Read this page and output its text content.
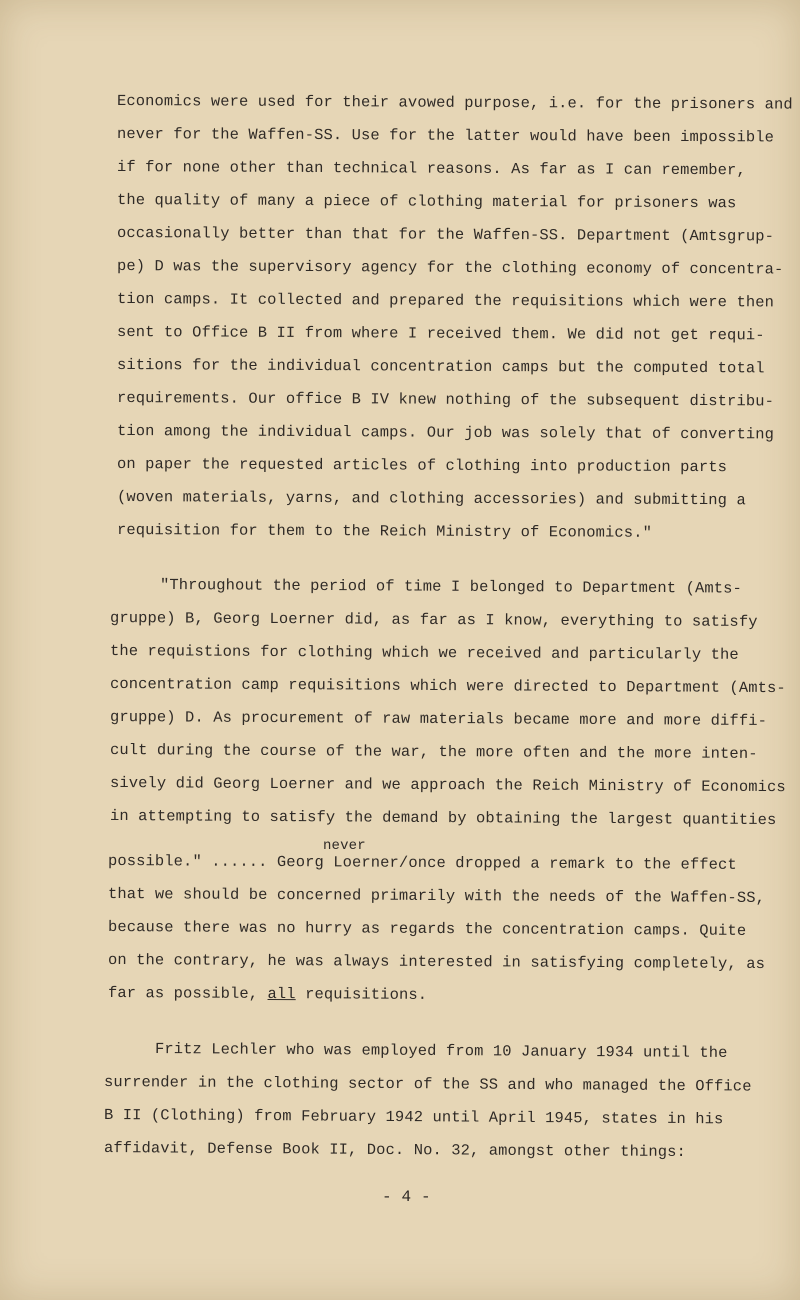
Economics were used for their avowed purpose, i.e. for the prisoners and
never for the Waffen-SS. Use for the latter would have been impossible
if for none other than technical reasons. As far as I can remember,
the quality of many a piece of clothing material for prisoners was
occasionally better than that for the Waffen-SS. Department (Amtsgrup-
pe) D was the supervisory agency for the clothing economy of concentra-
tion camps. It collected and prepared the requisitions which were then
sent to Office B II from where I received them. We did not get requi-
sitions for the individual concentration camps but the computed total
requirements. Our office B IV knew nothing of the subsequent distribu-
tion among the individual camps. Our job was solely that of converting
on paper the requested articles of clothing into production parts
(woven materials, yarns, and clothing accessories) and submitting a
requisition for them to the Reich Ministry of Economics."
"Throughout the period of time I belonged to Department (Amts-
gruppe) B, Georg Loerner did, as far as I know, everything to satisfy
the requistions for clothing which we received and particularly the
concentration camp requisitions which were directed to Department (Amts-
gruppe) D. As procurement of raw materials became more and more diffi-
cult during the course of the war, the more often and the more inten-
sively did Georg Loerner and we approach the Reich Ministry of Economics
in attempting to satisfy the demand by obtaining the largest quantities
never
possible." ...... Georg Loerner/once dropped a remark to the effect
that we should be concerned primarily with the needs of the Waffen-SS,
because there was no hurry as regards the concentration camps. Quite
on the contrary, he was always interested in satisfying completely, as
far as possible, all requisitions.
Fritz Lechler who was employed from 10 January 1934 until the
surrender in the clothing sector of the SS and who managed the Office
B II (Clothing) from February 1942 until April 1945, states in his
affidavit, Defense Book II, Doc. No. 32, amongst other things:
- 4 -
